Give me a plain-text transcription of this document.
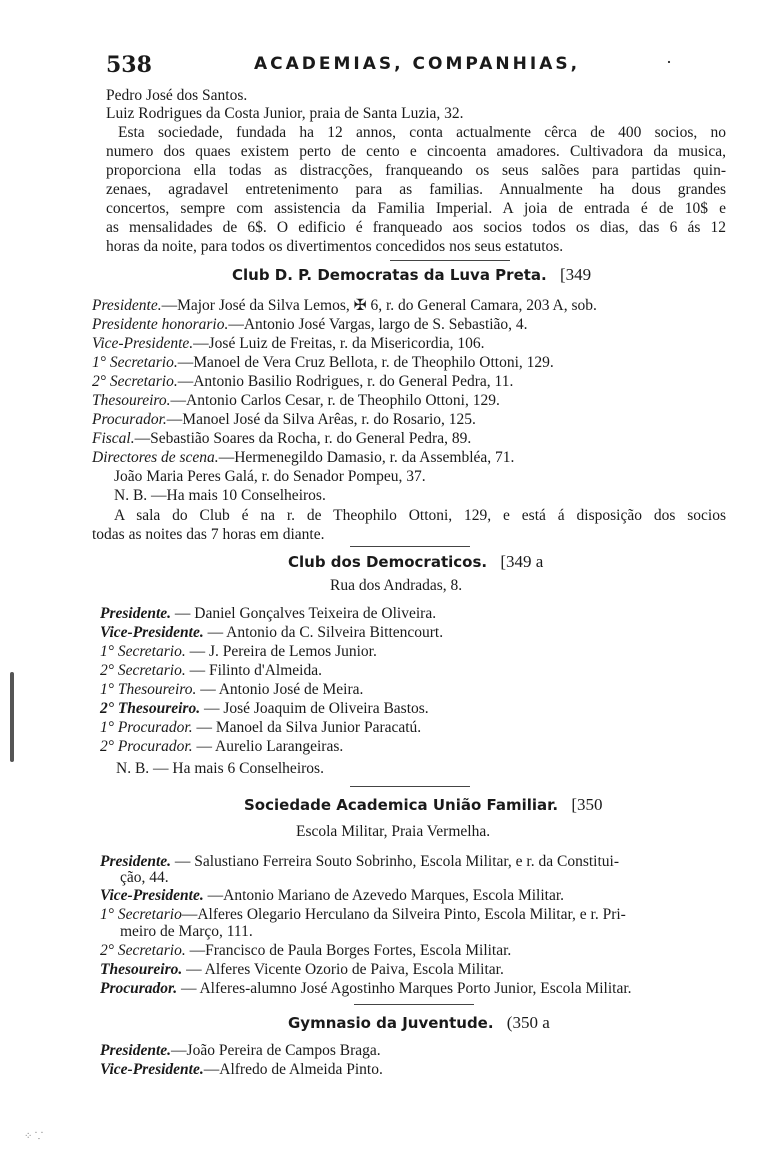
538	ACADEMIAS, COMPANHIAS,	·
Pedro José dos Santos.
Luiz Rodrigues da Costa Junior, praia de Santa Luzia, 32.
Esta sociedade, fundada ha 12 annos, conta actualmente cêrca de 400 socios, no
numero dos quaes existem perto de cento e cincoenta amadores. Cultivadora da musica,
proporciona ella todas as distracções, franqueando os seus salões para partidas quin-
zenaes, agradavel entretenimento para as familias. Annualmente ha dous grandes
concertos, sempre com assistencia da Familia Imperial. A joia de entrada é de 10$ e
as mensalidades de 6$. O edificio é franqueado aos socios todos os dias, das 6 ás 12
horas da noite, para todos os divertimentos concedidos nos seus estatutos.
Club D. P. Democratas da Luva Preta. [349
Presidente.—Major José da Silva Lemos, ✠ 6, r. do General Camara, 203 A, sob.
Presidente honorario.—Antonio José Vargas, largo de S. Sebastião, 4.
Vice-Presidente.—José Luiz de Freitas, r. da Misericordia, 106.
1° Secretario.—Manoel de Vera Cruz Bellota, r. de Theophilo Ottoni, 129.
2° Secretario.—Antonio Basilio Rodrigues, r. do General Pedra, 11.
Thesoureiro.—Antonio Carlos Cesar, r. de Theophilo Ottoni, 129.
Procurador.—Manoel José da Silva Arêas, r. do Rosario, 125.
Fiscal.—Sebastião Soares da Rocha, r. do General Pedra, 89.
Directores de scena.—Hermenegildo Damasio, r. da Assembléa, 71.
João Maria Peres Galá, r. do Senador Pompeu, 37.
N. B. —Ha mais 10 Conselheiros.
A sala do Club é na r. de Theophilo Ottoni, 129, e está á disposição dos socios
todas as noites das 7 horas em diante.
Club dos Democraticos. [349 a
Rua dos Andradas, 8.
Presidente. — Daniel Gonçalves Teixeira de Oliveira.
Vice-Presidente. — Antonio da C. Silveira Bittencourt.
1° Secretario. — J. Pereira de Lemos Junior.
2° Secretario. — Filinto d'Almeida.
1° Thesoureiro. — Antonio José de Meira.
2° Thesoureiro. — José Joaquim de Oliveira Bastos.
1° Procurador. — Manoel da Silva Junior Paracatú.
2° Procurador. — Aurelio Larangeiras.
N. B. — Ha mais 6 Conselheiros.
Sociedade Academica União Familiar. [350
Escola Militar, Praia Vermelha.
Presidente. — Salustiano Ferreira Souto Sobrinho, Escola Militar, e r. da Constitui-
ção, 44.
Vice-Presidente. —Antonio Mariano de Azevedo Marques, Escola Militar.
1° Secretario—Alferes Olegario Herculano da Silveira Pinto, Escola Militar, e r. Pri-
meiro de Março, 111.
2° Secretario. —Francisco de Paula Borges Fortes, Escola Militar.
Thesoureiro. — Alferes Vicente Ozorio de Paiva, Escola Militar.
Procurador. — Alferes-alumno José Agostinho Marques Porto Junior, Escola Militar.
Gymnasio da Juventude. (350 a
Presidente.—João Pereira de Campos Braga.
Vice-Presidente.—Alfredo de Almeida Pinto.
⁘ ⸪
